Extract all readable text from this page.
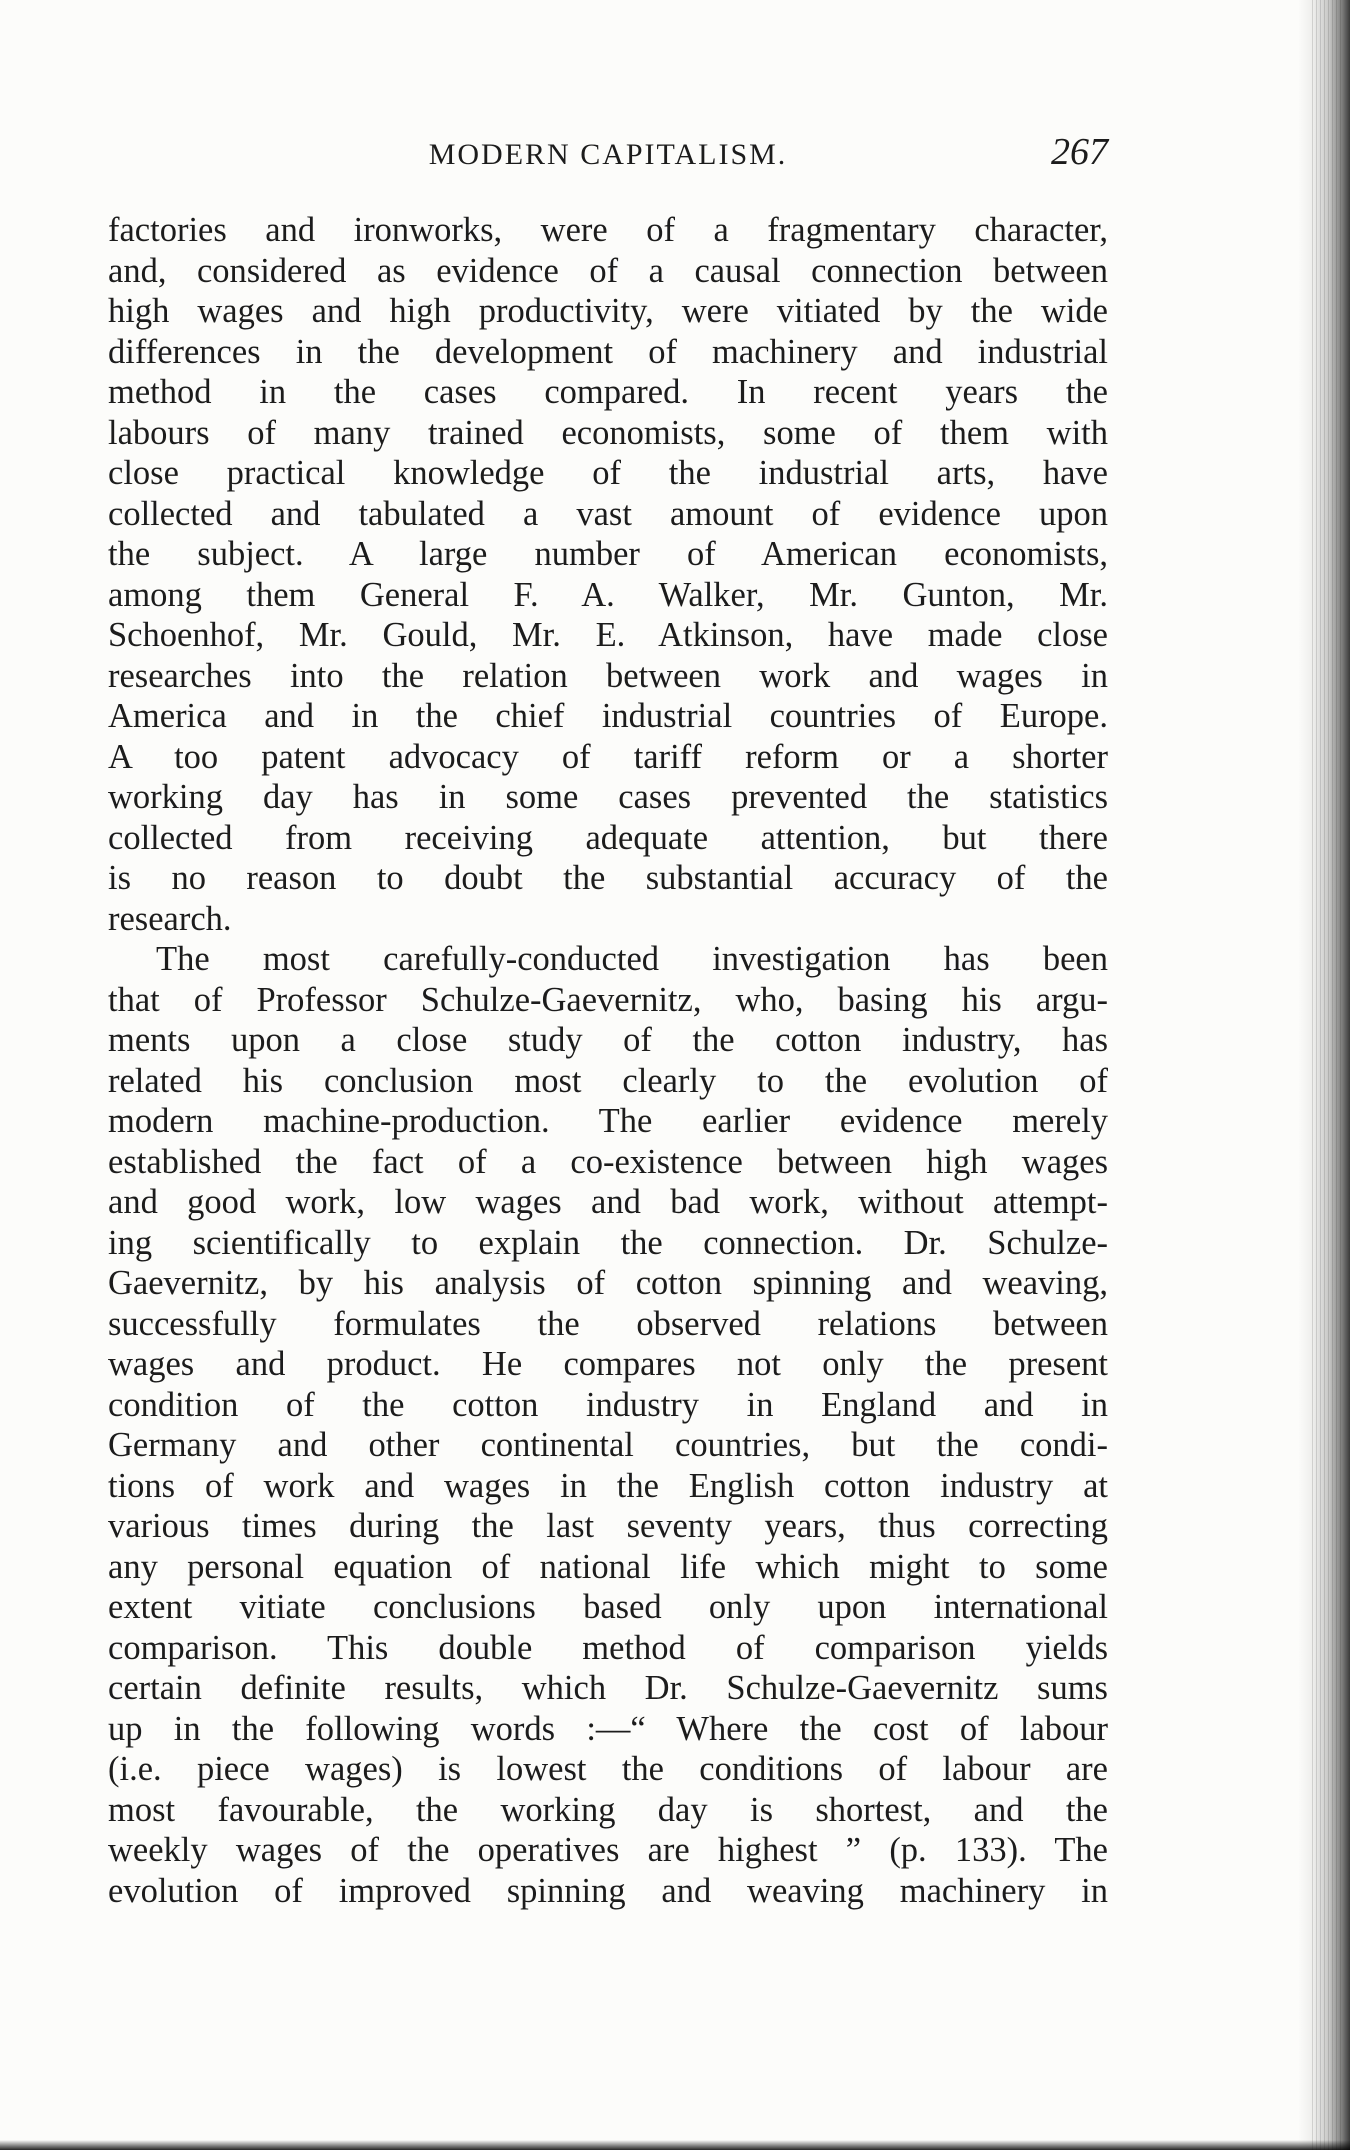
MODERN CAPITALISM.	267
factories and ironworks, were of a fragmentary character,
and, considered as evidence of a causal connection between
high wages and high productivity, were vitiated by the wide
differences in the development of machinery and industrial
method in the cases compared. In recent years the
labours of many trained economists, some of them with
close practical knowledge of the industrial arts, have
collected and tabulated a vast amount of evidence upon
the subject. A large number of American economists,
among them General F. A. Walker, Mr. Gunton, Mr.
Schoenhof, Mr. Gould, Mr. E. Atkinson, have made close
researches into the relation between work and wages in
America and in the chief industrial countries of Europe.
A too patent advocacy of tariff reform or a shorter
working day has in some cases prevented the statistics
collected from receiving adequate attention, but there
is no reason to doubt the substantial accuracy of the
research.
The most carefully-conducted investigation has been
that of Professor Schulze-Gaevernitz, who, basing his argu-
ments upon a close study of the cotton industry, has
related his conclusion most clearly to the evolution of
modern machine-production. The earlier evidence merely
established the fact of a co-existence between high wages
and good work, low wages and bad work, without attempt-
ing scientifically to explain the connection. Dr. Schulze-
Gaevernitz, by his analysis of cotton spinning and weaving,
successfully formulates the observed relations between
wages and product. He compares not only the present
condition of the cotton industry in England and in
Germany and other continental countries, but the condi-
tions of work and wages in the English cotton industry at
various times during the last seventy years, thus correcting
any personal equation of national life which might to some
extent vitiate conclusions based only upon international
comparison. This double method of comparison yields
certain definite results, which Dr. Schulze-Gaevernitz sums
up in the following words :—“ Where the cost of labour
(i.e. piece wages) is lowest the conditions of labour are
most favourable, the working day is shortest, and the
weekly wages of the operatives are highest ” (p. 133). The
evolution of improved spinning and weaving machinery in
